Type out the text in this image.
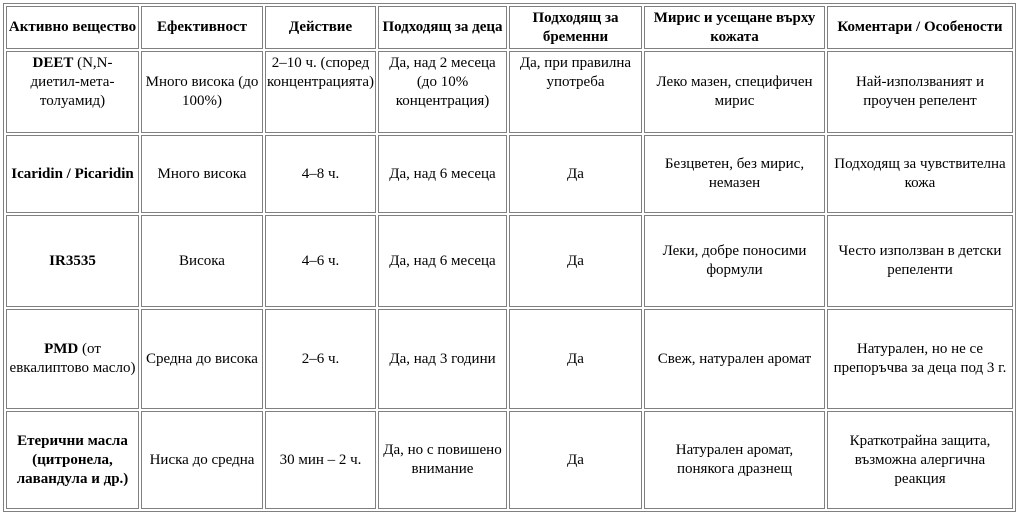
Активно вещество	Ефективност	Действие	Подходящ за деца	Подходящ за бременни	Мирис и усещане върху кожата	Коментари / Особености
DEET (N,N-диетил-мета-толуамид)	Много висока (до 100%)	2–10 ч. (според концентрацията)	Да, над 2 месеца (до 10% концентрация)	Да, при правилна употреба	Леко мазен, специфичен мирис	Най-използваният и проучен репелент
Icaridin / Picaridin	Много висока	4–8 ч.	Да, над 6 месеца	Да	Безцветен, без мирис, немазен	Подходящ за чувствителна кожа
IR3535	Висока	4–6 ч.	Да, над 6 месеца	Да	Леки, добре поносими формули	Често използван в детски репеленти
PMD (от евкалиптово масло)	Средна до висока	2–6 ч.	Да, над 3 години	Да	Свеж, натурален аромат	Натурален, но не се препоръчва за деца под 3 г.
Етерични масла (цитронела, лавандула и др.)	Ниска до средна	30 мин – 2 ч.	Да, но с повишено внимание	Да	Натурален аромат, понякога дразнещ	Краткотрайна защита, възможна алергична реакция
